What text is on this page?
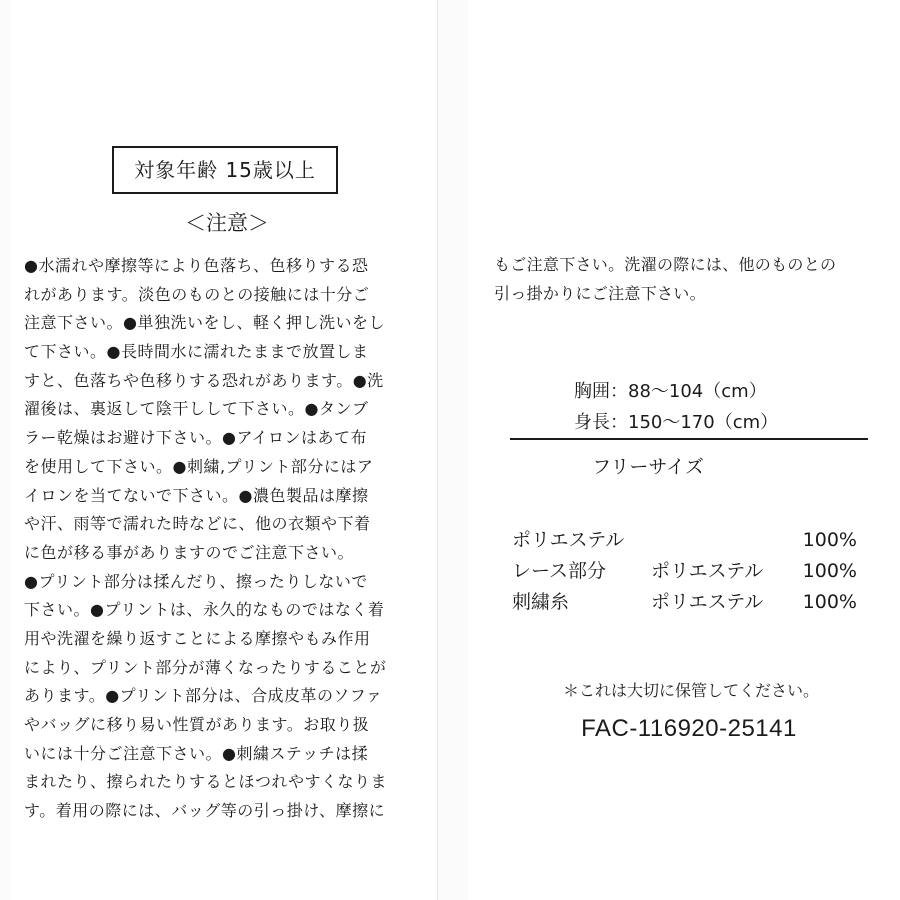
対象年齢 15歳以上
＜注意＞
●水濡れや摩擦等により色落ち、色移りする恐
れがあります。淡色のものとの接触には十分ご
注意下さい。●単独洗いをし、軽く押し洗いをし
て下さい。●長時間水に濡れたままで放置しま
すと、色落ちや色移りする恐れがあります。●洗
濯後は、裏返して陰干しして下さい。●タンブ
ラー乾燥はお避け下さい。●アイロンはあて布
を使用して下さい。●刺繍,プリント部分にはア
イロンを当てないで下さい。●濃色製品は摩擦
や汗、雨等で濡れた時などに、他の衣類や下着
に色が移る事がありますのでご注意下さい。
●プリント部分は揉んだり、擦ったりしないで
下さい。●プリントは、永久的なものではなく着
用や洗濯を繰り返すことによる摩擦やもみ作用
により、プリント部分が薄くなったりすることが
あります。●プリント部分は、合成皮革のソファ
やバッグに移り易い性質があります。お取り扱
いには十分ご注意下さい。●刺繍ステッチは揉
まれたり、擦られたりするとほつれやすくなりま
す。着用の際には、バッグ等の引っ掛け、摩擦に
もご注意下さい。洗濯の際には、他のものとの
引っ掛かりにご注意下さい。
胸囲：88〜104（cm）
身長：150〜170（cm）
フリーサイズ
ポリエステル	100%
レース部分 ポリエステル 100%
刺繍糸	ポリエステル 100%
＊これは大切に保管してください。
FAC-116920-25141
